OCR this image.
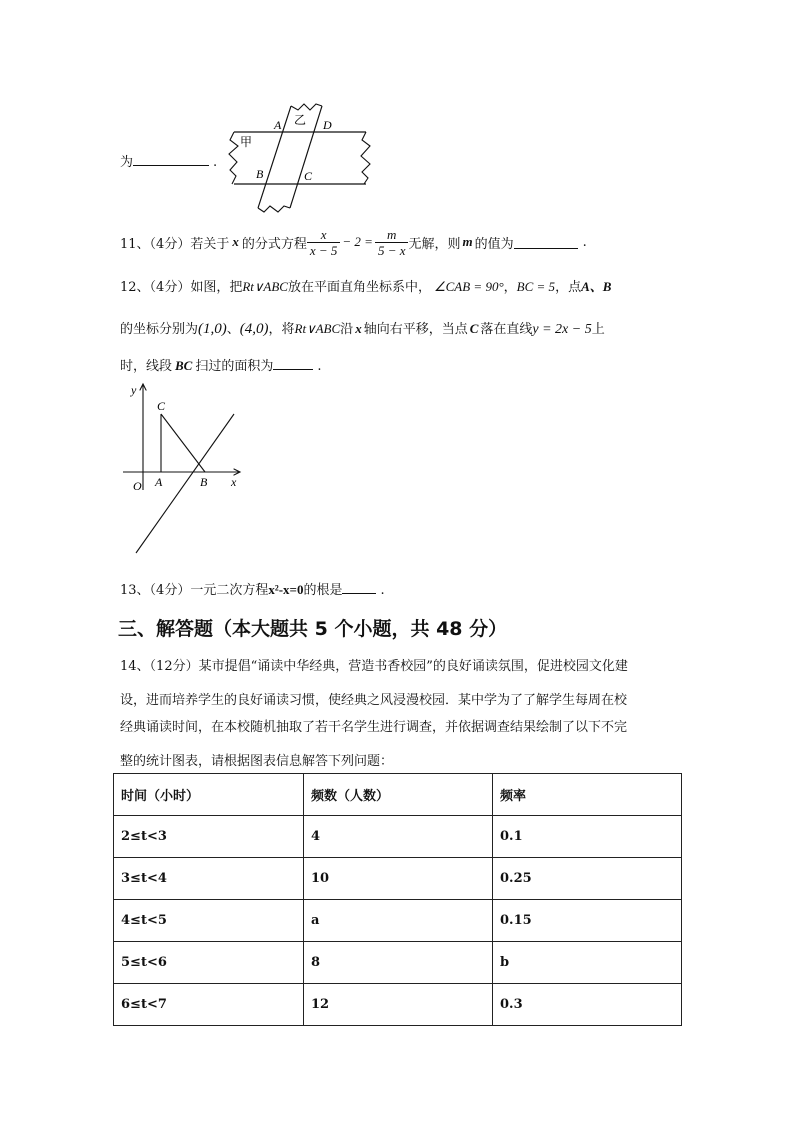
为	.
甲
乙
A	D
B	C
11、（4分）若关于 x 的分式方程 $\frac{x}{x - 5} - 2 = \frac{m}{5 - x}$ 无解，则 m 的值为	.
12、（4分）如图，把Rt∨ABC放在平面直角坐标系中， ∠CAB = 90°，BC = 5，点A、B
的坐标分别为(1,0)、(4,0)，将Rt∨ABC沿 x 轴向右平移，当点 C 落在直线y = 2x − 5上
时，线段 BC 扫过的面积为	.
y
x
O A	B
C
13、（4分）一元二次方程x²-x=0的根是	.
三、解答题（本大题共 5 个小题，共 48 分）
14、（12分）某市提倡“诵读中华经典，营造书香校园”的良好诵读氛围，促进校园文化建
设，进而培养学生的良好诵读习惯，使经典之风浸漫校园．某中学为了了解学生每周在校
经典诵读时间，在本校随机抽取了若干名学生进行调查，并依据调查结果绘制了以下不完
整的统计图表，请根据图表信息解答下列问题：
时间（小时）	频数（人数）	频率
2≤t<3	4	0.1
3≤t<4	10	0.25
4≤t<5	a	0.15
5≤t<6	8	b
6≤t<7	12	0.3
